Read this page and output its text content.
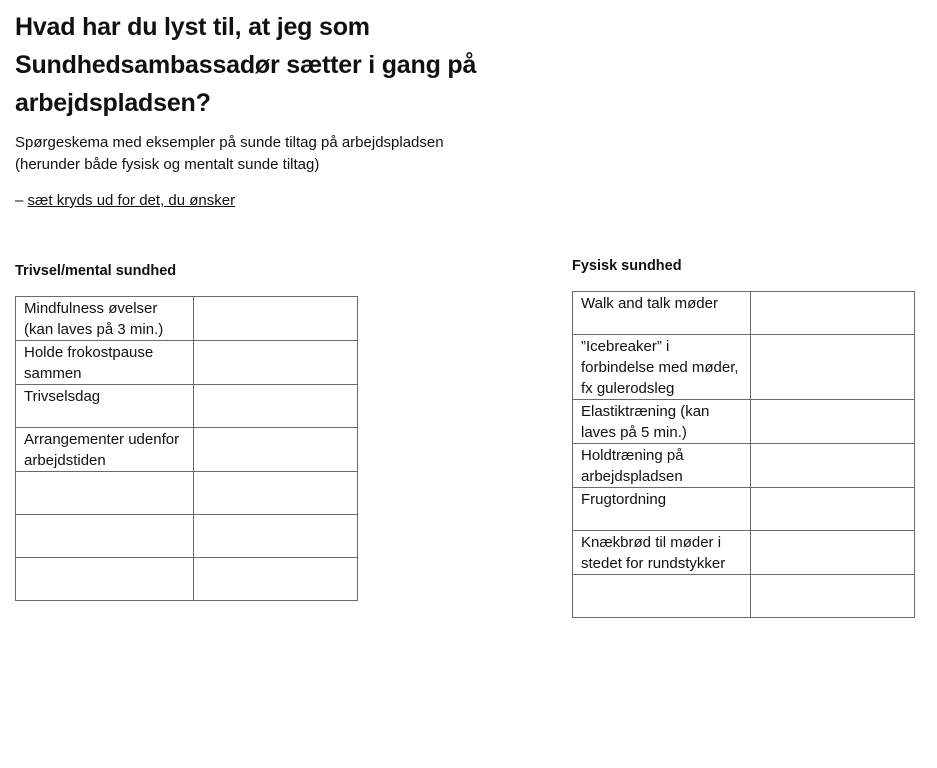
Hvad har du lyst til, at jeg som Sundhedsambassadør sætter i gang på arbejdspladsen?

Spørgeskema med eksempler på sunde tiltag på arbejdspladsen (herunder både fysisk og mentalt sunde tiltag)

– sæt kryds ud for det, du ønsker

Trivsel/mental sundhed
Mindfulness øvelser (kan laves på 3 min.)	
Holde frokostpause sammen	
Trivselsdag	
Arrangementer udenfor arbejdstiden	

Fysisk sundhed
Walk and talk møder	
”Icebreaker” i forbindelse med møder, fx gulerodsleg	
Elastiktræning (kan laves på 5 min.)	
Holdtræning på arbejdspladsen	
Frugtordning	
Knækbrød til møder i stedet for rundstykker	
